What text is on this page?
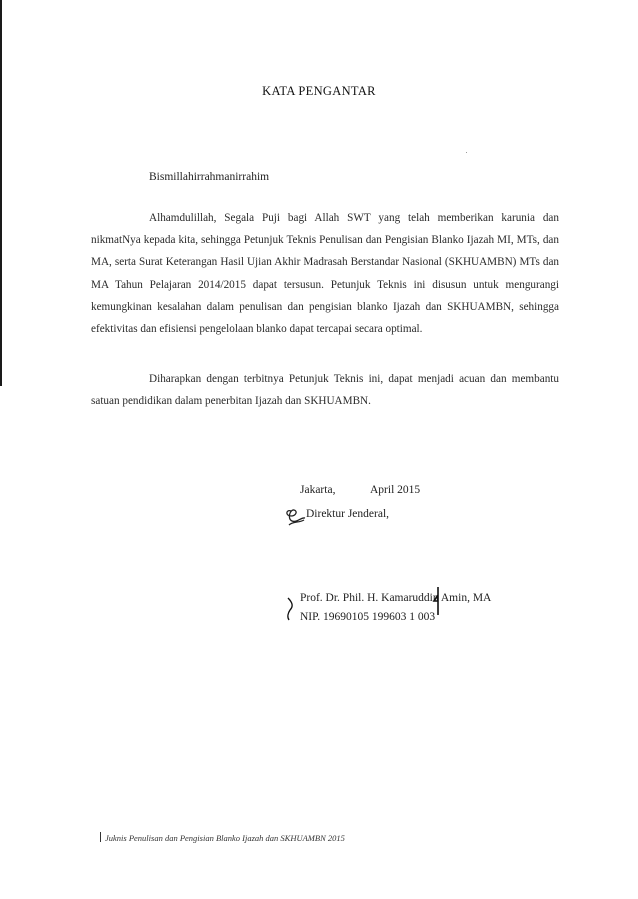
KATA PENGANTAR
Bismillahirrahmanirrahim

Alhamdulillah, Segala Puji bagi Allah SWT yang telah memberikan karunia dan nikmatNya kepada kita, sehingga Petunjuk Teknis Penulisan dan Pengisian Blanko Ijazah MI, MTs, dan MA, serta Surat Keterangan Hasil Ujian Akhir Madrasah Berstandar Nasional (SKHUAMBN) MTs dan MA Tahun Pelajaran 2014/2015 dapat tersusun. Petunjuk Teknis ini disusun untuk mengurangi kemungkinan kesalahan dalam penulisan dan pengisian blanko Ijazah dan SKHUAMBN, sehingga efektivitas dan efisiensi pengelolaan blanko dapat tercapai secara optimal.

Diharapkan dengan terbitnya Petunjuk Teknis ini, dapat menjadi acuan dan membantu satuan pendidikan dalam penerbitan Ijazah dan SKHUAMBN.

Jakarta,	April 2015
Direktur Jenderal,
Prof. Dr. Phil. H. Kamaruddin Amin, MA
NIP. 19690105 199603 1 003
Juknis Penulisan dan Pengisian Blanko Ijazah dan SKHUAMBN 2015
